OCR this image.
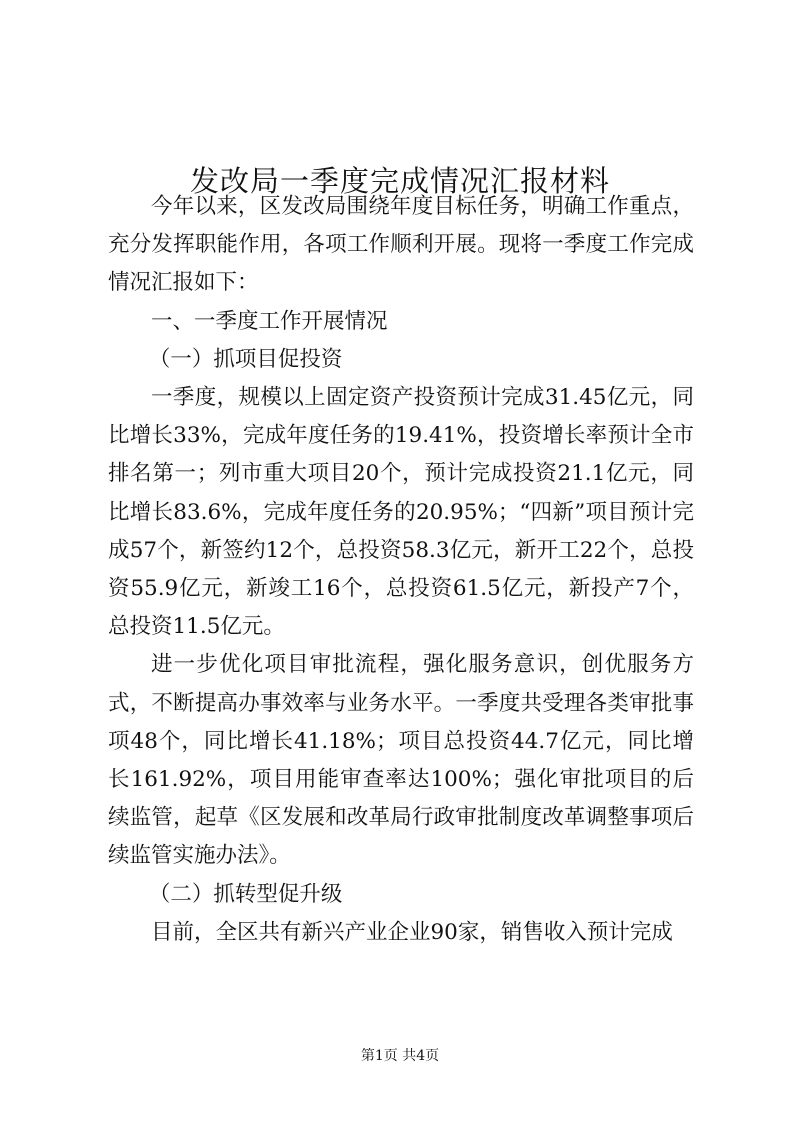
发改局一季度完成情况汇报材料

今年以来，区发改局围绕年度目标任务，明确工作重点，充分发挥职能作用，各项工作顺利开展。现将一季度工作完成情况汇报如下：

一、一季度工作开展情况

（一）抓项目促投资

一季度，规模以上固定资产投资预计完成31.45亿元，同比增长33%，完成年度任务的19.41%，投资增长率预计全市排名第一；列市重大项目20个，预计完成投资21.1亿元，同比增长83.6%，完成年度任务的20.95%；“四新”项目预计完成57个，新签约12个，总投资58.3亿元，新开工22个，总投资55.9亿元，新竣工16个，总投资61.5亿元，新投产7个，总投资11.5亿元。

进一步优化项目审批流程，强化服务意识，创优服务方式，不断提高办事效率与业务水平。一季度共受理各类审批事项48个，同比增长41.18%；项目总投资44.7亿元，同比增长161.92%，项目用能审查率达100%；强化审批项目的后续监管，起草《区发展和改革局行政审批制度改革调整事项后续监管实施办法》。

（二）抓转型促升级

目前，全区共有新兴产业企业90家，销售收入预计完成

第1页 共4页
